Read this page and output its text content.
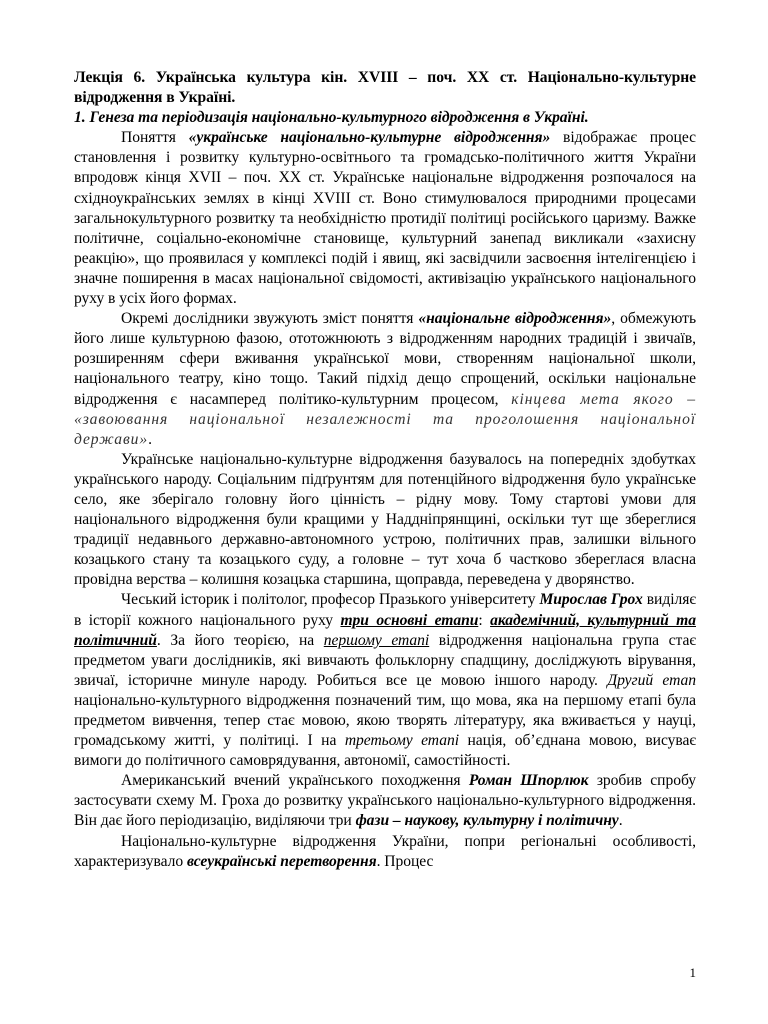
Лекція 6. Українська культура кін. XVIII – поч. XX ст. Національно-культурне відродження в Україні.

1. Генеза та періодизація національно-культурного відродження в Україні.

Поняття «українське національно-культурне відродження» відображає процес становлення і розвитку культурно-освітнього та громадсько-політичного життя України впродовж кінця XVII – поч. XX ст. Українське національне відродження розпочалося на східноукраїнських землях в кінці XVIII ст. Воно стимулювалося природними процесами загальнокультурного розвитку та необхідністю протидії політиці російського царизму. Важке політичне, соціально-економічне становище, культурний занепад викликали «захисну реакцію», що проявилася у комплексі подій і явищ, які засвідчили засвоєння інтелігенцією і значне поширення в масах національної свідомості, активізацію українського національного руху в усіх його формах.

Окремі дослідники звужують зміст поняття «національне відродження», обмежують його лише культурною фазою, ототожнюють з відродженням народних традицій і звичаїв, розширенням сфери вживання української мови, створенням національної школи, національного театру, кіно тощо. Такий підхід дещо спрощений, оскільки національне відродження є насамперед політико-культурним процесом, кінцева мета якого – «завоювання національної незалежності та проголошення національної держави».

Українське національно-культурне відродження базувалось на попередніх здобутках українського народу. Соціальним підґрунтям для потенційного відродження було українське село, яке зберігало головну його цінність – рідну мову. Тому стартові умови для національного відродження були кращими у Наддніпрянщині, оскільки тут ще збереглися традиції недавнього державно-автономного устрою, політичних прав, залишки вільного козацького стану та козацького суду, а головне – тут хоча б частково збереглася власна провідна верства – колишня козацька старшина, щоправда, переведена у дворянство.

Чеський історик і політолог, професор Празького університету Мирослав Грох виділяє в історії кожного національного руху три основні етапи: академічний, культурний та політичний. За його теорією, на першому етапі відродження національна група стає предметом уваги дослідників, які вивчають фольклорну спадщину, досліджують вірування, звичаї, історичне минуле народу. Робиться все це мовою іншого народу. Другий етап національно-культурного відродження позначений тим, що мова, яка на першому етапі була предметом вивчення, тепер стає мовою, якою творять літературу, яка вживається у науці, громадському житті, у політиці. І на третьому етапі нація, об’єднана мовою, висуває вимоги до політичного самоврядування, автономії, самостійності.

Американський вчений українського походження Роман Шпорлюк зробив спробу застосувати схему М. Гроха до розвитку українського національно-культурного відродження. Він дає його періодизацію, виділяючи три фази – наукову, культурну і політичну.

Національно-культурне відродження України, попри регіональні особливості, характеризувало всеукраїнські перетворення. Процес

1
